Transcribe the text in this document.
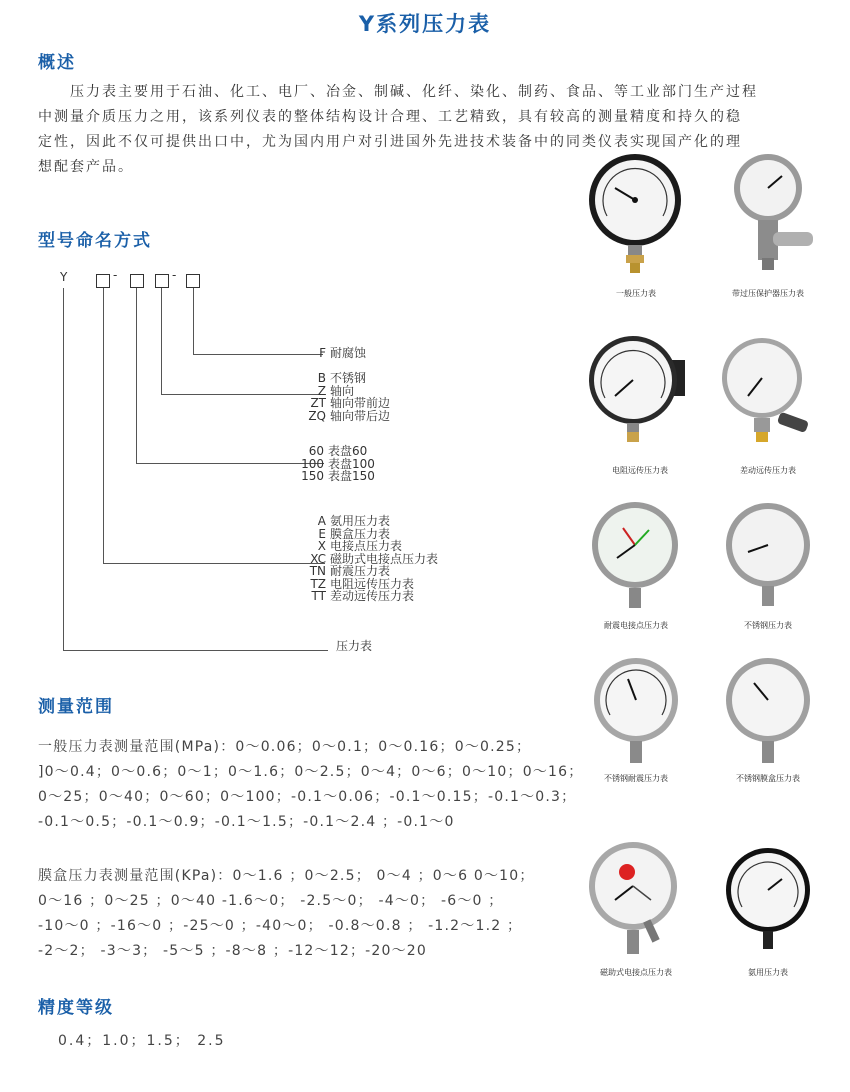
Y系列压力表
概述
　　压力表主要用于石油、化工、电厂、冶金、制碱、化纤、染化、制药、食品、等工业部门生产过程
中测量介质压力之用，该系列仪表的整体结构设计合理、工艺精致，具有较高的测量精度和持久的稳
定性，因此不仅可提供出口中，尤为国内用户对引进国外先进技术装备中的同类仪表实现国产化的理
想配套产品。
型号命名方式
Y	-	-
F 耐腐蚀
B 不锈钢
Z 轴向
ZT 轴向带前边
ZQ 轴向带后边
60 表盘60
100 表盘100
150 表盘150
A 氨用压力表
E 膜盒压力表
X 电接点压力表
XC 磁助式电接点压力表
TN 耐震压力表
TZ 电阻远传压力表
TT 差动远传压力表
压力表
测量范围
一般压力表测量范围(MPa)：0～0.06；0～0.1；0～0.16；0～0.25；
]0～0.4；0～0.6；0～1；0～1.6；0～2.5；0～4；0～6；0～10；0～16；
0～25；0～40；0～60；0～100；-0.1～0.06；-0.1～0.15；-0.1～0.3；
-0.1～0.5；-0.1～0.9；-0.1～1.5；-0.1～2.4 ；-0.1～0
膜盒压力表测量范围(KPa)：0～1.6 ；0～2.5； 0～4 ；0～6 0～10；
0～16 ；0～25 ；0～40 -1.6～0； -2.5～0； -4～0； -6～0 ；
-10～0 ；-16～0 ；-25～0 ；-40～0； -0.8～0.8 ； -1.2～1.2 ；
-2～2； -3～3； -5～5 ；-8～8 ；-12～12；-20～20
精度等级
0.4；1.0；1.5； 2.5
一般压力表	带过压保护器压力表
电阻远传压力表	差动远传压力表
耐震电接点压力表	不锈钢压力表
不锈钢耐震压力表	不锈钢膜盒压力表
磁助式电接点压力表	氨用压力表
